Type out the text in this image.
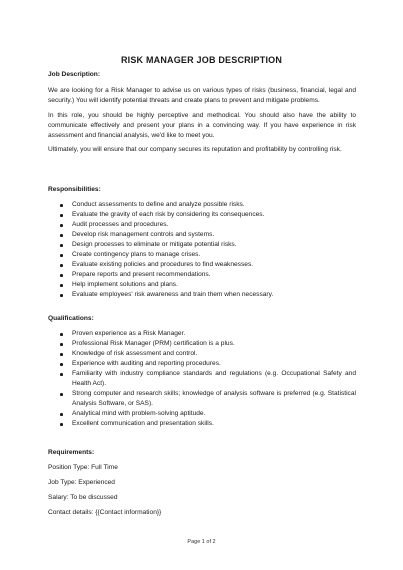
RISK MANAGER JOB DESCRIPTION
Job Description:
We are looking for a Risk Manager to advise us on various types of risks (business, financial, legal and security.) You will identify potential threats and create plans to prevent and mitigate problems.
In this role, you should be highly perceptive and methodical. You should also have the ability to communicate effectively and present your plans in a convincing way. If you have experience in risk assessment and financial analysis, we'd like to meet you.
Ultimately, you will ensure that our company secures its reputation and profitability by controlling risk.
Responsibilities:
Conduct assessments to define and analyze possible risks.
Evaluate the gravity of each risk by considering its consequences.
Audit processes and procedures.
Develop risk management controls and systems.
Design processes to eliminate or mitigate potential risks.
Create contingency plans to manage crises.
Evaluate existing policies and procedures to find weaknesses.
Prepare reports and present recommendations.
Help implement solutions and plans.
Evaluate employees' risk awareness and train them when necessary.
Qualifications:
Proven experience as a Risk Manager.
Professional Risk Manager (PRM) certification is a plus.
Knowledge of risk assessment and control.
Experience with auditing and reporting procedures.
Familiarity with industry compliance standards and regulations (e.g. Occupational Safety and Health Act).
Strong computer and research skills; knowledge of analysis software is preferred (e.g. Statistical Analysis Software, or SAS).
Analytical mind with problem-solving aptitude.
Excellent communication and presentation skills.
Requirements:
Position Type: Full Time
Job Type: Experienced
Salary: To be discussed
Contact details: {{Contact information}}
Page 1 of 2
